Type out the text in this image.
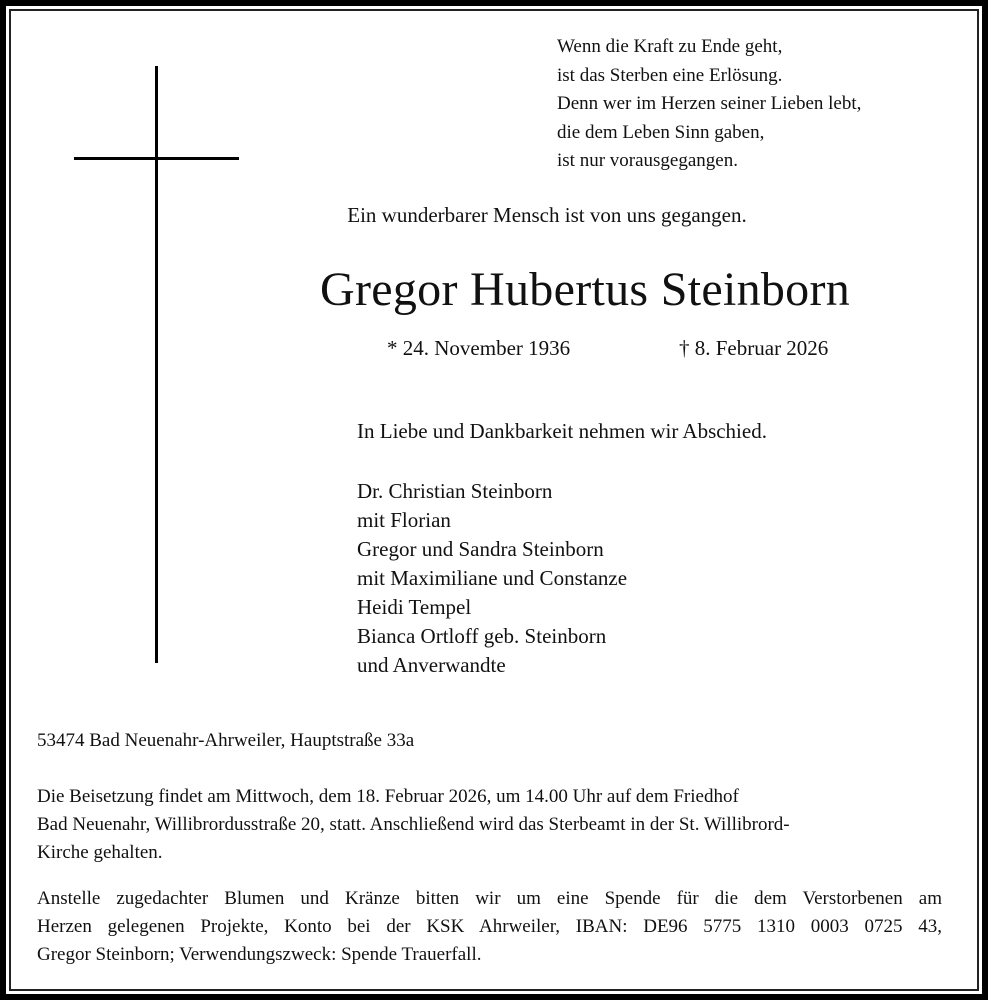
Wenn die Kraft zu Ende geht,
ist das Sterben eine Erlösung.
Denn wer im Herzen seiner Lieben lebt,
die dem Leben Sinn gaben,
ist nur vorausgegangen.
Ein wunderbarer Mensch ist von uns gegangen.
Gregor Hubertus Steinborn
* 24. November 1936	† 8. Februar 2026
In Liebe und Dankbarkeit nehmen wir Abschied.
Dr. Christian Steinborn
mit Florian
Gregor und Sandra Steinborn
mit Maximiliane und Constanze
Heidi Tempel
Bianca Ortloff geb. Steinborn
und Anverwandte
53474 Bad Neuenahr-Ahrweiler, Hauptstraße 33a
Die Beisetzung findet am Mittwoch, dem 18. Februar 2026, um 14.00 Uhr auf dem Friedhof
Bad Neuenahr, Willibrordusstraße 20, statt. Anschließend wird das Sterbeamt in der St. Willibrord-
Kirche gehalten.
Anstelle zugedachter Blumen und Kränze bitten wir um eine Spende für die dem Verstorbenen am
Herzen gelegenen Projekte, Konto bei der KSK Ahrweiler, IBAN: DE96 5775 1310 0003 0725 43,
Gregor Steinborn; Verwendungszweck: Spende Trauerfall.
